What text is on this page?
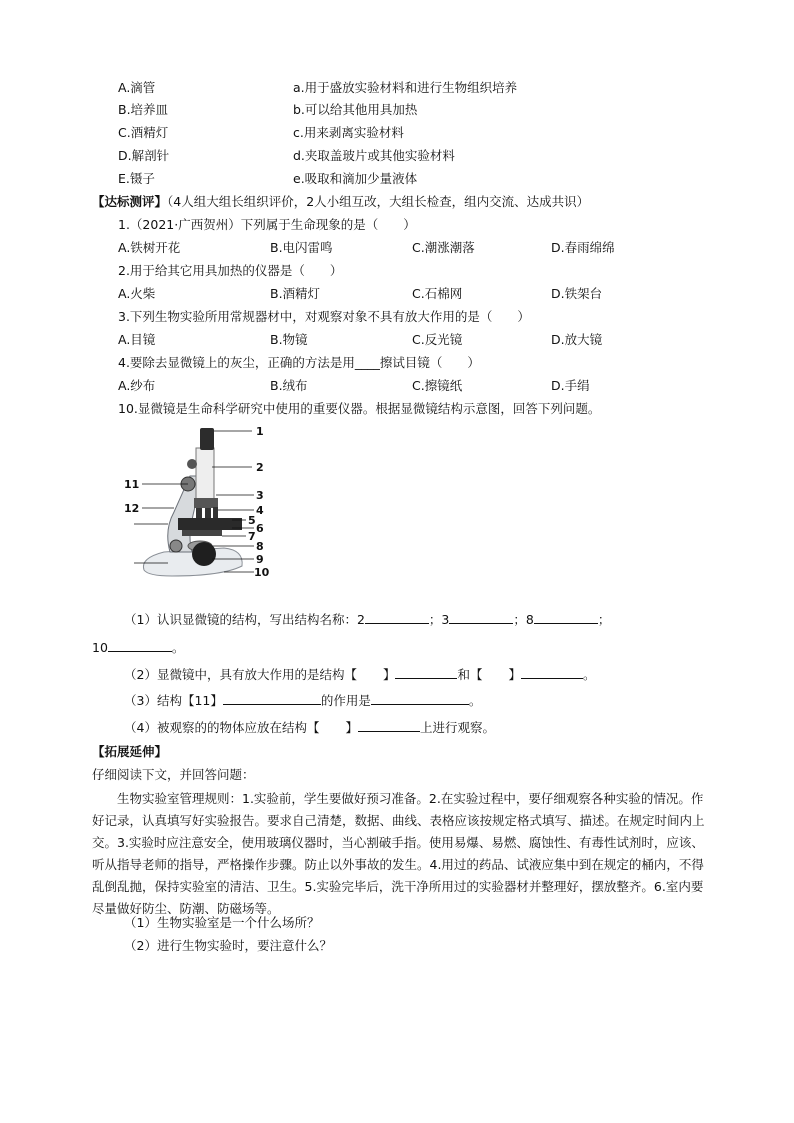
A.滴管	a.用于盛放实验材料和进行生物组织培养
B.培养皿	b.可以给其他用具加热
C.酒精灯	c.用来剥离实验材料
D.解剖针	d.夹取盖玻片或其他实验材料
E.镊子	e.吸取和滴加少量液体
【达标测评】（4人组大组长组织评价，2人小组互改，大组长检查，组内交流、达成共识）
1.（2021·广西贺州）下列属于生命现象的是（　　）
A.铁树开花	B.电闪雷鸣	C.潮涨潮落	D.春雨绵绵
2.用于给其它用具加热的仪器是（　　）
A.火柴	B.酒精灯	C.石棉网	D.铁架台
3.下列生物实验所用常规器材中，对观察对象不具有放大作用的是（　　）
A.目镜	B.物镜	C.反光镜	D.放大镜
4.要除去显微镜上的灰尘，正确的方法是用____擦试目镜（　　）
A.纱布	B.绒布	C.擦镜纸	D.手绢
10.显微镜是生命科学研究中使用的重要仪器。根据显微镜结构示意图，回答下列问题。
1
2
3
4
5
6
7
8
9
10
11
12
（1）认识显微镜的结构，写出结构名称：2	；3	；8	；
10	。
（2）显微镜中，具有放大作用的是结构【 】	和【 】	。
（3）结构【11】	的作用是	。
（4）被观察的的物体应放在结构【 】	上进行观察。
【拓展延伸】
仔细阅读下文，并回答问题：
生物实验室管理规则：1.实验前，学生要做好预习准备。2.在实验过程中，要仔细观察各种实验的情况。作好记录，认真填写好实验报告。要求自己清楚，数据、曲线、表格应该按规定格式填写、描述。在规定时间内上交。3.实验时应注意安全，使用玻璃仪器时，当心割破手指。使用易爆、易燃、腐蚀性、有毒性试剂时，应该、听从指导老师的指导，严格操作步骤。防止以外事故的发生。4.用过的药品、试液应集中到在规定的桶内，不得乱倒乱抛，保持实验室的清洁、卫生。5.实验完毕后，洗干净所用过的实验器材并整理好，摆放整齐。6.室内要尽量做好防尘、防潮、防磁场等。
（1）生物实验室是一个什么场所？
（2）进行生物实验时，要注意什么？
